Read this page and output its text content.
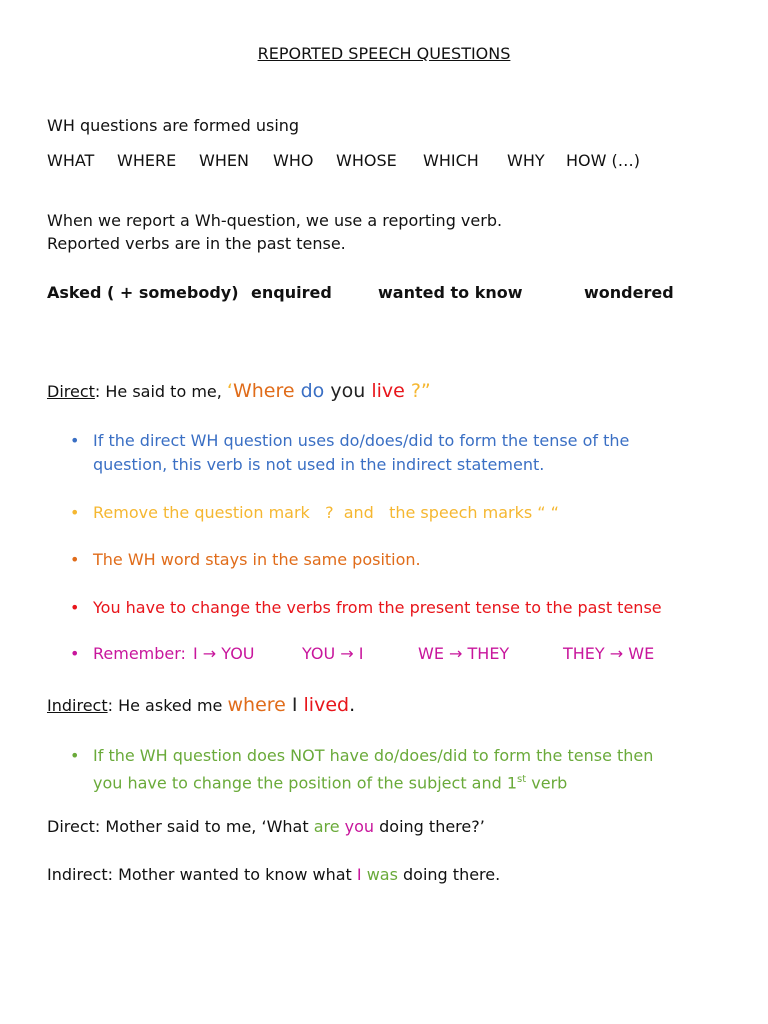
REPORTED SPEECH QUESTIONS
WH questions are formed using
WHAT WHERE WHEN WHO WHOSE WHICH WHY HOW (…)
When we report a Wh-question, we use a reporting verb.
Reported verbs are in the past tense.
Asked ( + somebody) enquired	wanted to know	wondered
Direct: He said to me, ‘Where do you live ?”
• If the direct WH question uses do/does/did to form the tense of the
question, this verb is not used in the indirect statement.
• Remove the question mark   ?  and   the speech marks “ “
• The WH word stays in the same position.
• You have to change the verbs from the present tense to the past tense
• Remember: I → YOU	YOU → I	WE → THEY	THEY → WE
Indirect: He asked me where I lived.
• If the WH question does NOT have do/does/did to form the tense then
you have to change the position of the subject and 1st verb
Direct: Mother said to me, ‘What are you doing there?’
Indirect: Mother wanted to know what I was doing there.
